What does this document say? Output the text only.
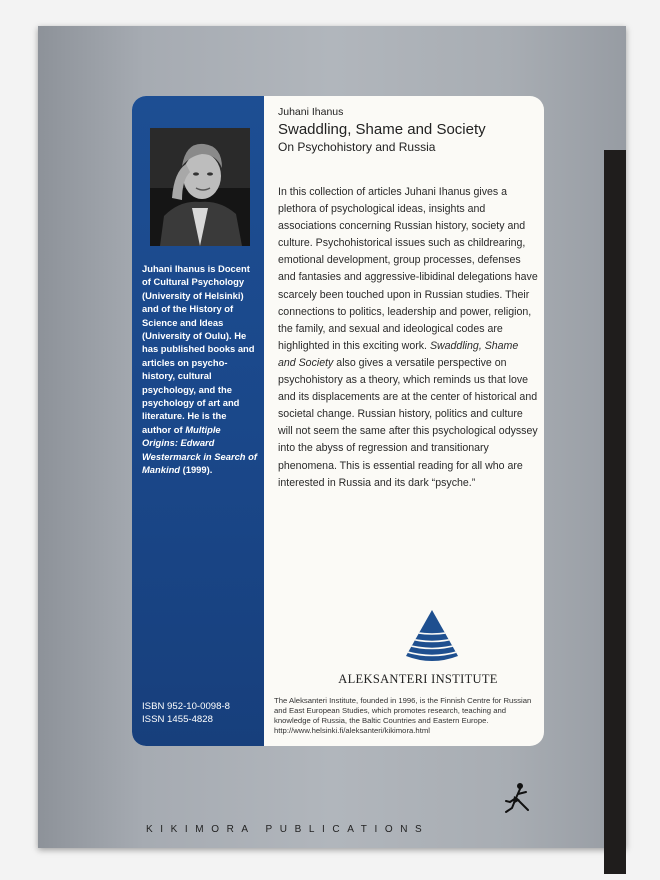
Juhani Ihanus is Docent of Cultural Psychology (University of Helsinki) and of the History of Science and Ideas (University of Oulu). He has published books and articles on psycho-history, cultural psychology, and the psychology of art and literature. He is the author of Multiple Origins: Edward Westermarck in Search of Mankind (1999).
ISBN 952-10-0098-8
ISSN 1455-4828
Juhani Ihanus
Swaddling, Shame and Society
On Psychohistory and Russia
In this collection of articles Juhani Ihanus gives a plethora of psychological ideas, insights and associations concerning Russian history, society and culture. Psychohistorical issues such as childrearing, emotional development, group processes, defenses and fantasies and aggressive-libidinal delegations have scarcely been touched upon in Russian studies. Their connections to politics, leadership and power, religion, the family, and sexual and ideological codes are highlighted in this exciting work. Swaddling, Shame and Society also gives a versatile perspective on psychohistory as a theory, which reminds us that love and its displacements are at the center of historical and societal change. Russian history, politics and culture will not seem the same after this psychological odyssey into the abyss of regression and transitionary phenomena. This is essential reading for all who are interested in Russia and its dark “psyche.”
ALEKSANTERI INSTITUTE
The Aleksanteri Institute, founded in 1996, is the Finnish Centre for Russian and East European Studies, which promotes research, teaching and knowledge of Russia, the Baltic Countries and Eastern Europe. http://www.helsinki.fi/aleksanteri/kikimora.html
KIKIMORA PUBLICATIONS
